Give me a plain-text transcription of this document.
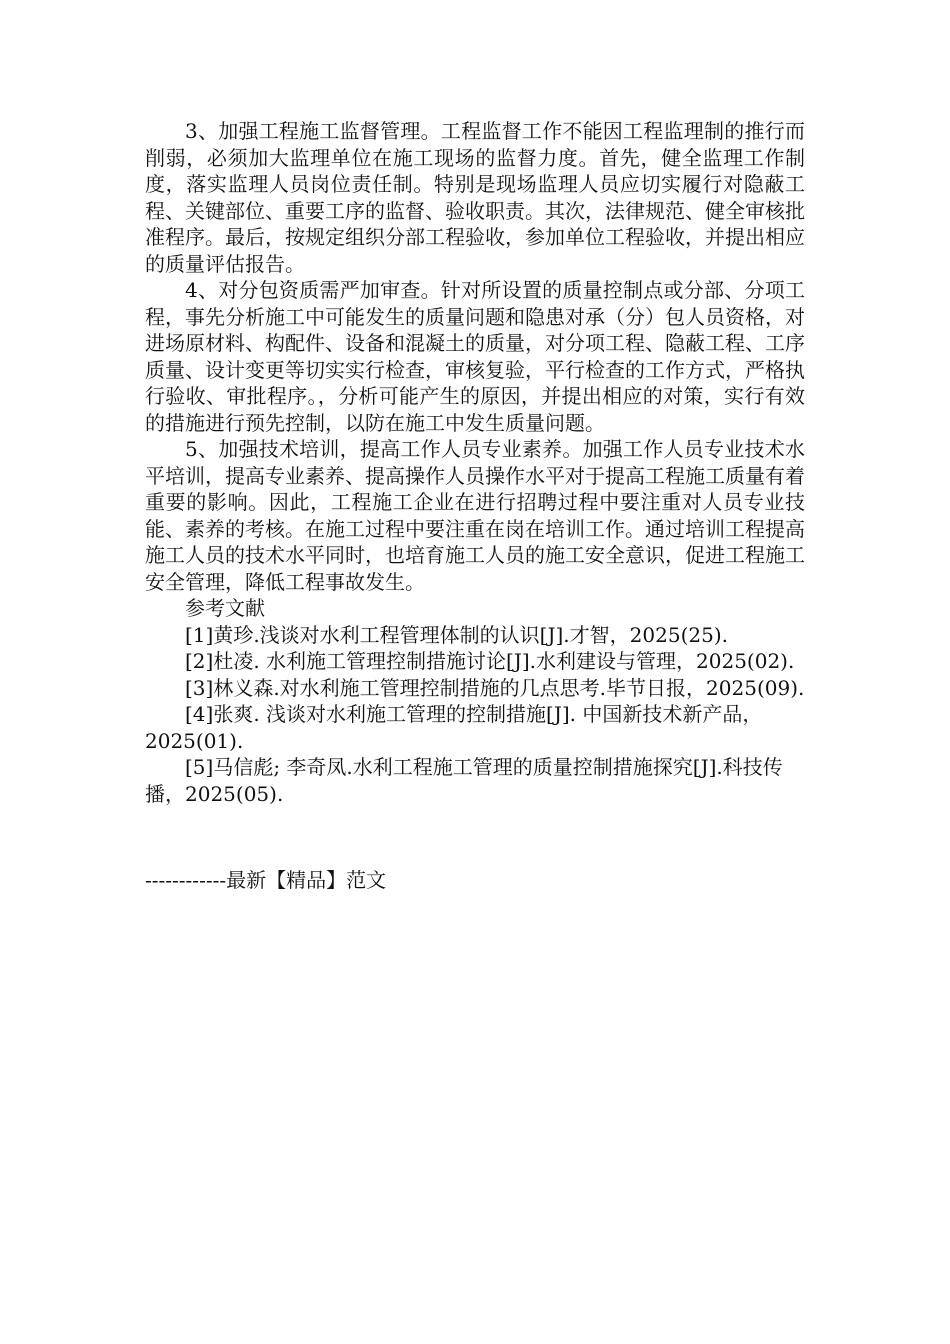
3、加强工程施工监督管理。工程监督工作不能因工程监理制的推行而削弱，必须加大监理单位在施工现场的监督力度。首先，健全监理工作制度，落实监理人员岗位责任制。特别是现场监理人员应切实履行对隐蔽工程、关键部位、重要工序的监督、验收职责。其次，法律规范、健全审核批准程序。最后，按规定组织分部工程验收，参加单位工程验收，并提出相应的质量评估报告。

4、对分包资质需严加审查。针对所设置的质量控制点或分部、分项工程，事先分析施工中可能发生的质量问题和隐患对承（分）包人员资格，对进场原材料、构配件、设备和混凝土的质量，对分项工程、隐蔽工程、工序质量、设计变更等切实实行检查，审核复验，平行检查的工作方式，严格执行验收、审批程序。，分析可能产生的原因，并提出相应的对策，实行有效的措施进行预先控制，以防在施工中发生质量问题。

5、加强技术培训，提高工作人员专业素养。加强工作人员专业技术水平培训，提高专业素养、提高操作人员操作水平对于提高工程施工质量有着重要的影响。因此，工程施工企业在进行招聘过程中要注重对人员专业技能、素养的考核。在施工过程中要注重在岗在培训工作。通过培训工程提高施工人员的技术水平同时，也培育施工人员的施工安全意识，促进工程施工安全管理，降低工程事故发生。

参考文献

[1]黄珍.浅谈对水利工程管理体制的认识[J].才智，2025(25).

[2]杜凌. 水利施工管理控制措施讨论[J].水利建设与管理，2025(02).

[3]林义森.对水利施工管理控制措施的几点思考.毕节日报，2025(09).

[4]张爽. 浅谈对水利施工管理的控制措施[J]. 中国新技术新产品，2025(01).

[5]马信彪; 李奇凤.水利工程施工管理的质量控制措施探究[J].科技传播，2025(05).

------------最新【精品】范文
